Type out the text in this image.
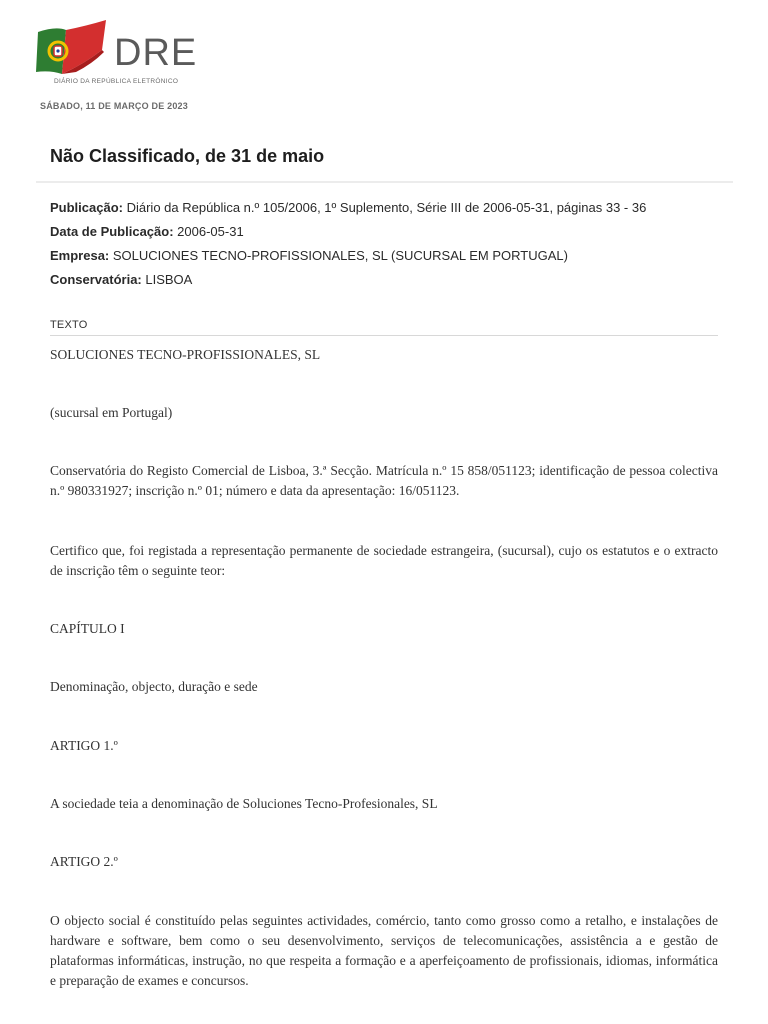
DRE
DIÁRIO DA REPÚBLICA ELETRÓNICO
SÁBADO, 11 DE MARÇO DE 2023
Não Classificado, de 31 de maio
Publicação: Diário da República n.º 105/2006, 1º Suplemento, Série III de 2006-05-31, páginas 33 - 36
Data de Publicação: 2006-05-31
Empresa: SOLUCIONES TECNO-PROFISSIONALES, SL (SUCURSAL EM PORTUGAL)
Conservatória: LISBOA
TEXTO

SOLUCIONES TECNO-PROFISSIONALES, SL

(sucursal em Portugal)

Conservatória do Registo Comercial de Lisboa, 3.ª Secção. Matrícula n.º 15 858/051123; identificação de pessoa colectiva n.º 980331927; inscrição n.º 01; número e data da apresentação: 16/051123.

Certifico que, foi registada a representação permanente de sociedade estrangeira, (sucursal), cujo os estatutos e o extracto de inscrição têm o seguinte teor:

CAPÍTULO I

Denominação, objecto, duração e sede

ARTIGO 1.º

A sociedade teia a denominação de Soluciones Tecno-Profesionales, SL

ARTIGO 2.º

O objecto social é constituído pelas seguintes actividades, comércio, tanto como grosso como a retalho, e instalações de hardware e software, bem como o seu desenvolvimento, serviços de telecomunicações, assistência a e gestão de plataformas informáticas, instrução, no que respeita a formação e a aperfeiçoamento de profissionais, idiomas, informática e preparação de exames e concursos.
